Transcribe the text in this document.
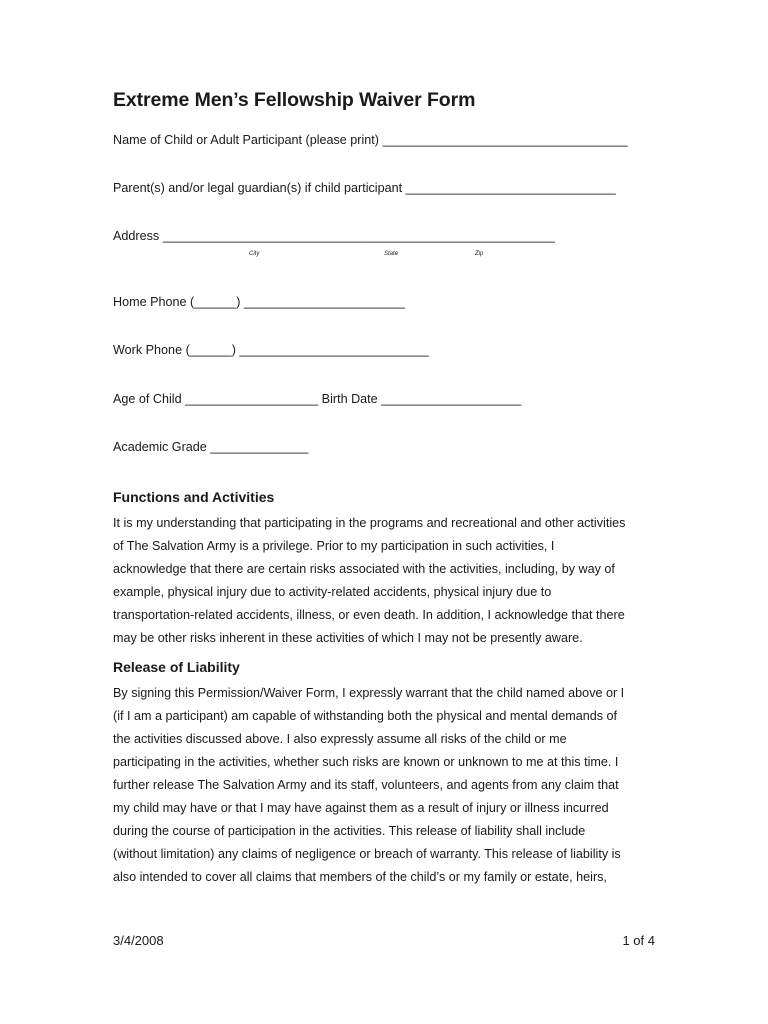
Extreme Men’s Fellowship Waiver Form
Name of Child or Adult Participant (please print) ___________________________________
Parent(s) and/or legal guardian(s) if child participant ______________________________
Address ________________________________________________________
City	State	Zip
Home Phone (______) _______________________
Work Phone (______) ___________________________
Age of Child ___________________ Birth Date ____________________
Academic Grade ______________
Functions and Activities

It is my understanding that participating in the programs and recreational and other activities

of The Salvation Army is a privilege. Prior to my participation in such activities, I

acknowledge that there are certain risks associated with the activities, including, by way of

example, physical injury due to activity-related accidents, physical injury due to

transportation-related accidents, illness, or even death. In addition, I acknowledge that there

may be other risks inherent in these activities of which I may not be presently aware.

Release of Liability

By signing this Permission/Waiver Form, I expressly warrant that the child named above or I

(if I am a participant) am capable of withstanding both the physical and mental demands of

the activities discussed above. I also expressly assume all risks of the child or me

participating in the activities, whether such risks are known or unknown to me at this time. I

further release The Salvation Army and its staff, volunteers, and agents from any claim that

my child may have or that I may have against them as a result of injury or illness incurred

during the course of participation in the activities. This release of liability shall include

(without limitation) any claims of negligence or breach of warranty. This release of liability is

also intended to cover all claims that members of the child’s or my family or estate, heirs,

3/4/2008	1 of 4
